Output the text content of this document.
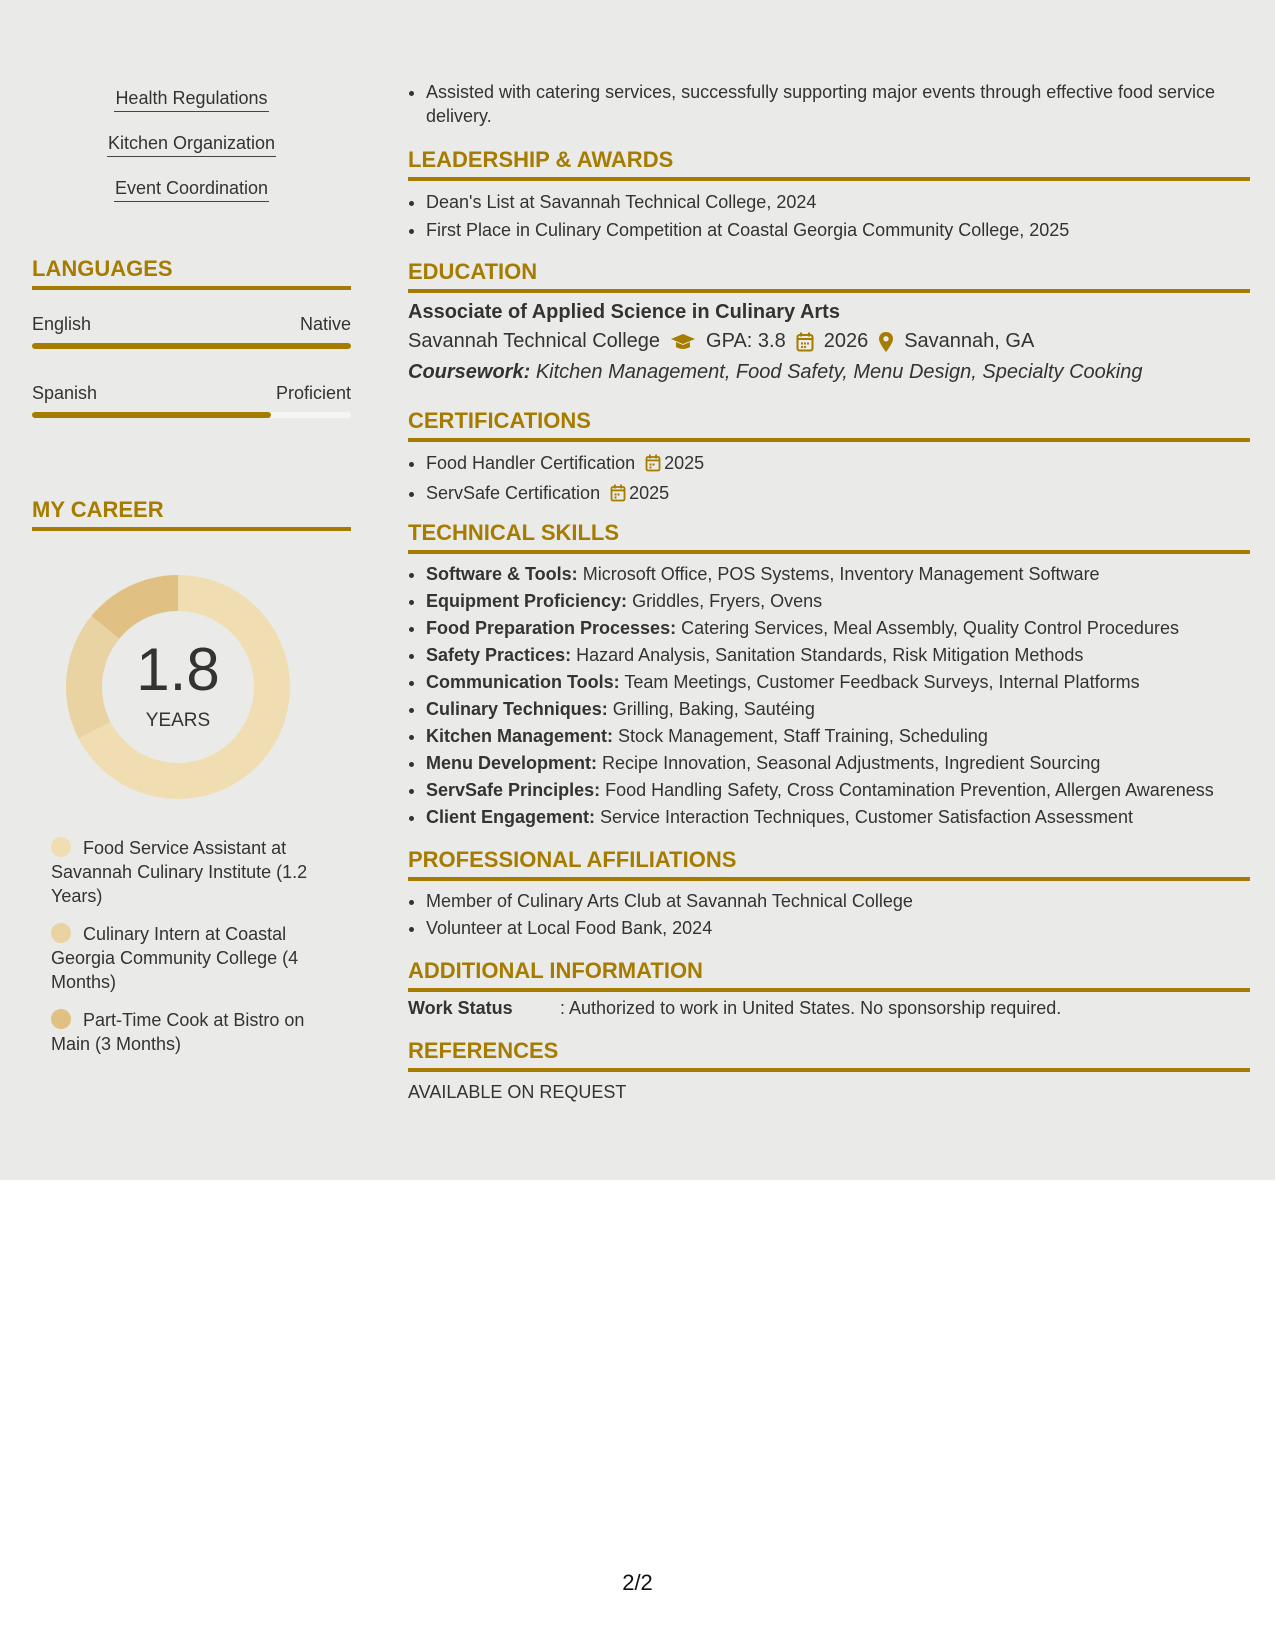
Health Regulations
Kitchen Organization
Event Coordination
LANGUAGES
English	Native
Spanish	Proficient
MY CAREER
1.8
YEARS
Food Service Assistant at Savannah Culinary Institute (1.2 Years)
Culinary Intern at Coastal Georgia Community College (4 Months)
Part-Time Cook at Bistro on Main (3 Months)
• Assisted with catering services, successfully supporting major events through effective food service delivery.
LEADERSHIP & AWARDS
• Dean's List at Savannah Technical College, 2024
• First Place in Culinary Competition at Coastal Georgia Community College, 2025
EDUCATION
Associate of Applied Science in Culinary Arts
Savannah Technical College GPA: 3.8 2026 Savannah, GA
Coursework: Kitchen Management, Food Safety, Menu Design, Specialty Cooking
CERTIFICATIONS
• Food Handler Certification 2025
• ServSafe Certification 2025
TECHNICAL SKILLS
• Software & Tools: Microsoft Office, POS Systems, Inventory Management Software
• Equipment Proficiency: Griddles, Fryers, Ovens
• Food Preparation Processes: Catering Services, Meal Assembly, Quality Control Procedures
• Safety Practices: Hazard Analysis, Sanitation Standards, Risk Mitigation Methods
• Communication Tools: Team Meetings, Customer Feedback Surveys, Internal Platforms
• Culinary Techniques: Grilling, Baking, Sautéing
• Kitchen Management: Stock Management, Staff Training, Scheduling
• Menu Development: Recipe Innovation, Seasonal Adjustments, Ingredient Sourcing
• ServSafe Principles: Food Handling Safety, Cross Contamination Prevention, Allergen Awareness
• Client Engagement: Service Interaction Techniques, Customer Satisfaction Assessment
PROFESSIONAL AFFILIATIONS
• Member of Culinary Arts Club at Savannah Technical College
• Volunteer at Local Food Bank, 2024
ADDITIONAL INFORMATION
Work Status	: Authorized to work in United States. No sponsorship required.
REFERENCES
AVAILABLE ON REQUEST
2/2
